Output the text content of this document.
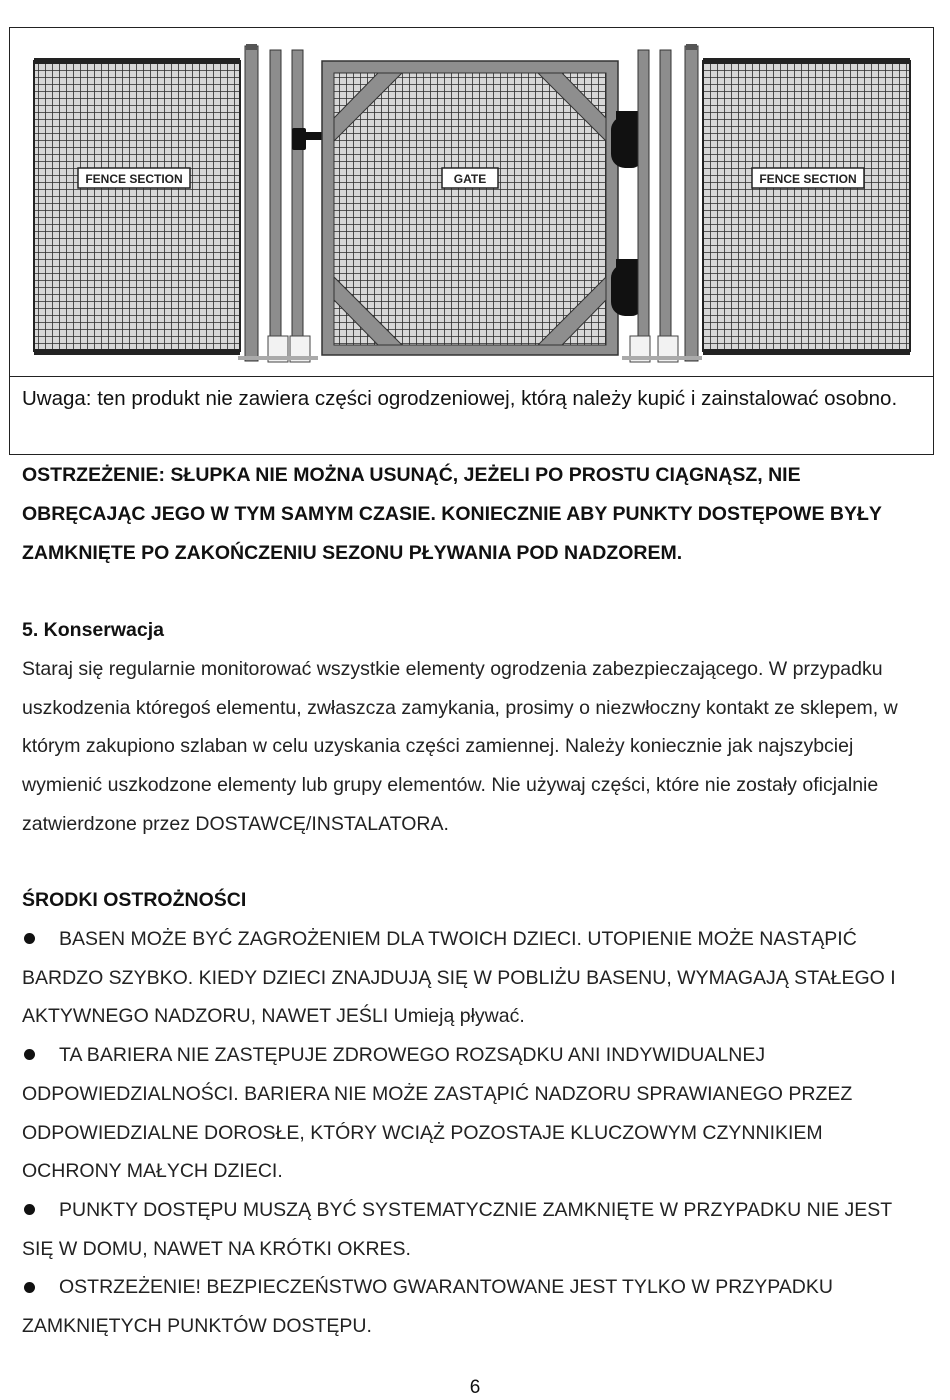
FENCE SECTION	GATE	FENCE SECTION
Uwaga: ten produkt nie zawiera części ogrodzeniowej, którą należy kupić i zainstalować osobno.
OSTRZEŻENIE: SŁUPKA NIE MOŻNA USUNĄĆ, JEŻELI PO PROSTU CIĄGNĄSZ, NIE OBRĘCAJĄC JEGO W TYM SAMYM CZASIE. KONIECZNIE ABY PUNKTY DOSTĘPOWE BYŁY ZAMKNIĘTE PO ZAKOŃCZENIU SEZONU PŁYWANIA POD NADZOREM.
5. Konserwacja
Staraj się regularnie monitorować wszystkie elementy ogrodzenia zabezpieczającego. W przypadku uszkodzenia któregoś elementu, zwłaszcza zamykania, prosimy o niezwłoczny kontakt ze sklepem, w którym zakupiono szlaban w celu uzyskania części zamiennej. Należy koniecznie jak najszybciej wymienić uszkodzone elementy lub grupy elementów. Nie używaj części, które nie zostały oficjalnie zatwierdzone przez DOSTAWCĘ/INSTALATORA.
ŚRODKI OSTROŻNOŚCI
BASEN MOŻE BYĆ ZAGROŻENIEM DLA TWOICH DZIECI. UTOPIENIE MOŻE NASTĄPIĆ BARDZO SZYBKO. KIEDY DZIECI ZNAJDUJĄ SIĘ W POBLIŻU BASENU, WYMAGAJĄ STAŁEGO I AKTYWNEGO NADZORU, NAWET JEŚLI Umieją pływać.
TA BARIERA NIE ZASTĘPUJE ZDROWEGO ROZSĄDKU ANI INDYWIDUALNEJ ODPOWIEDZIALNOŚCI. BARIERA NIE MOŻE ZASTĄPIĆ NADZORU SPRAWIANEGO PRZEZ ODPOWIEDZIALNE DOROSŁE, KTÓRY WCIĄŻ POZOSTAJE KLUCZOWYM CZYNNIKIEM OCHRONY MAŁYCH DZIECI.
PUNKTY DOSTĘPU MUSZĄ BYĆ SYSTEMATYCZNIE ZAMKNIĘTE W PRZYPADKU NIE JEST SIĘ W DOMU, NAWET NA KRÓTKI OKRES.
OSTRZEŻENIE! BEZPIECZEŃSTWO GWARANTOWANE JEST TYLKO W PRZYPADKU ZAMKNIĘTYCH PUNKTÓW DOSTĘPU.
6
